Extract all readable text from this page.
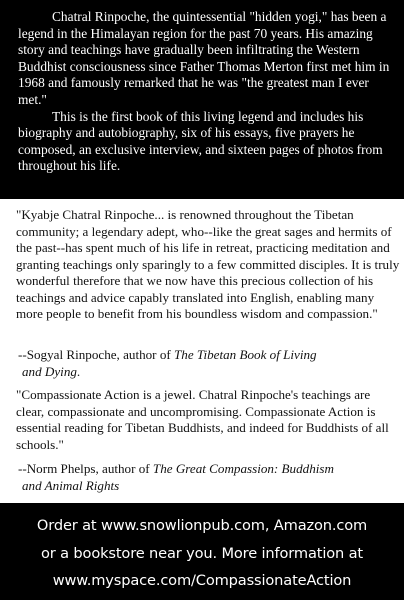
Chatral Rinpoche, the quintessential "hidden yogi," has been a legend in the Himalayan region for the past 70 years. His amazing story and teachings have gradually been infiltrating the Western Buddhist consciousness since Father Thomas Merton first met him in 1968 and famously remarked that he was "the greatest man I ever met."

This is the first book of this living legend and includes his biography and autobiography, six of his essays, five prayers he composed, an exclusive interview, and sixteen pages of photos from throughout his life.

"Kyabje Chatral Rinpoche... is renowned throughout the Tibetan community; a legendary adept, who--like the great sages and hermits of the past--has spent much of his life in retreat, practicing meditation and granting teachings only sparingly to a few committed disciples. It is truly wonderful therefore that we now have this precious collection of his teachings and advice capably translated into English, enabling many more people to benefit from his boundless wisdom and compassion."

--Sogyal Rinpoche, author of The Tibetan Book of Living
and Dying.

"Compassionate Action is a jewel. Chatral Rinpoche's teachings are clear, compassionate and uncompromising. Compassionate Action is essential reading for Tibetan Buddhists, and indeed for Buddhists of all schools."

--Norm Phelps, author of The Great Compassion: Buddhism
and Animal Rights
Order at www.snowlionpub.com, Amazon.com
or a bookstore near you. More information at
www.myspace.com/CompassionateAction
